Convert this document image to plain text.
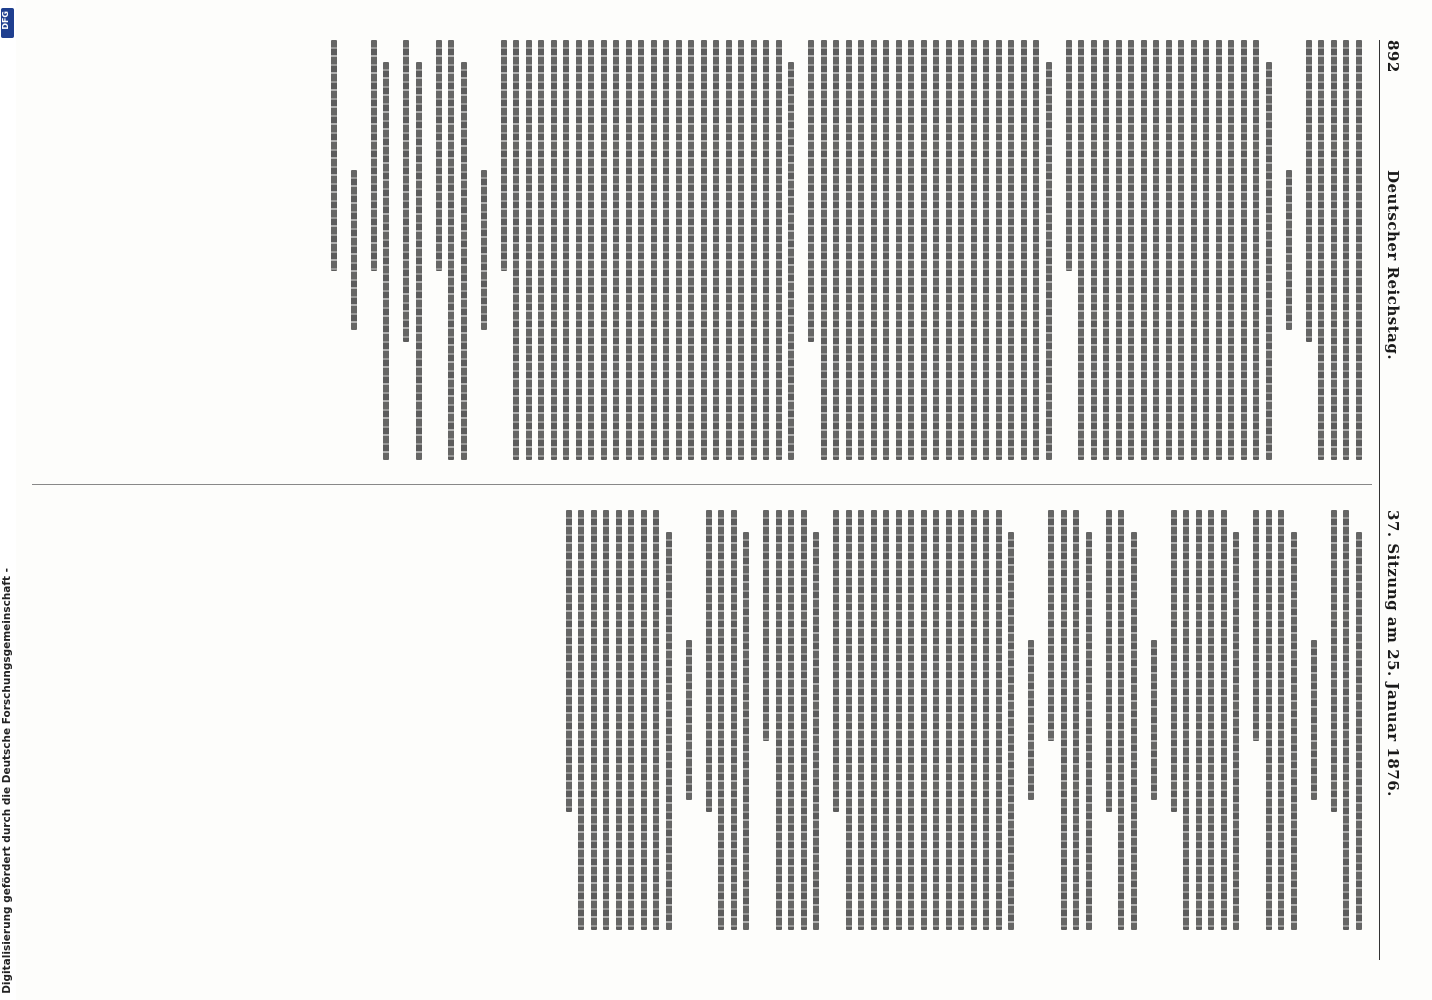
892
Deutscher Reichstag.
37. Sitzung am 25. Januar 1876.
DFG
Digitalisierung gefördert durch die Deutsche Forschungsgemeinschaft -
